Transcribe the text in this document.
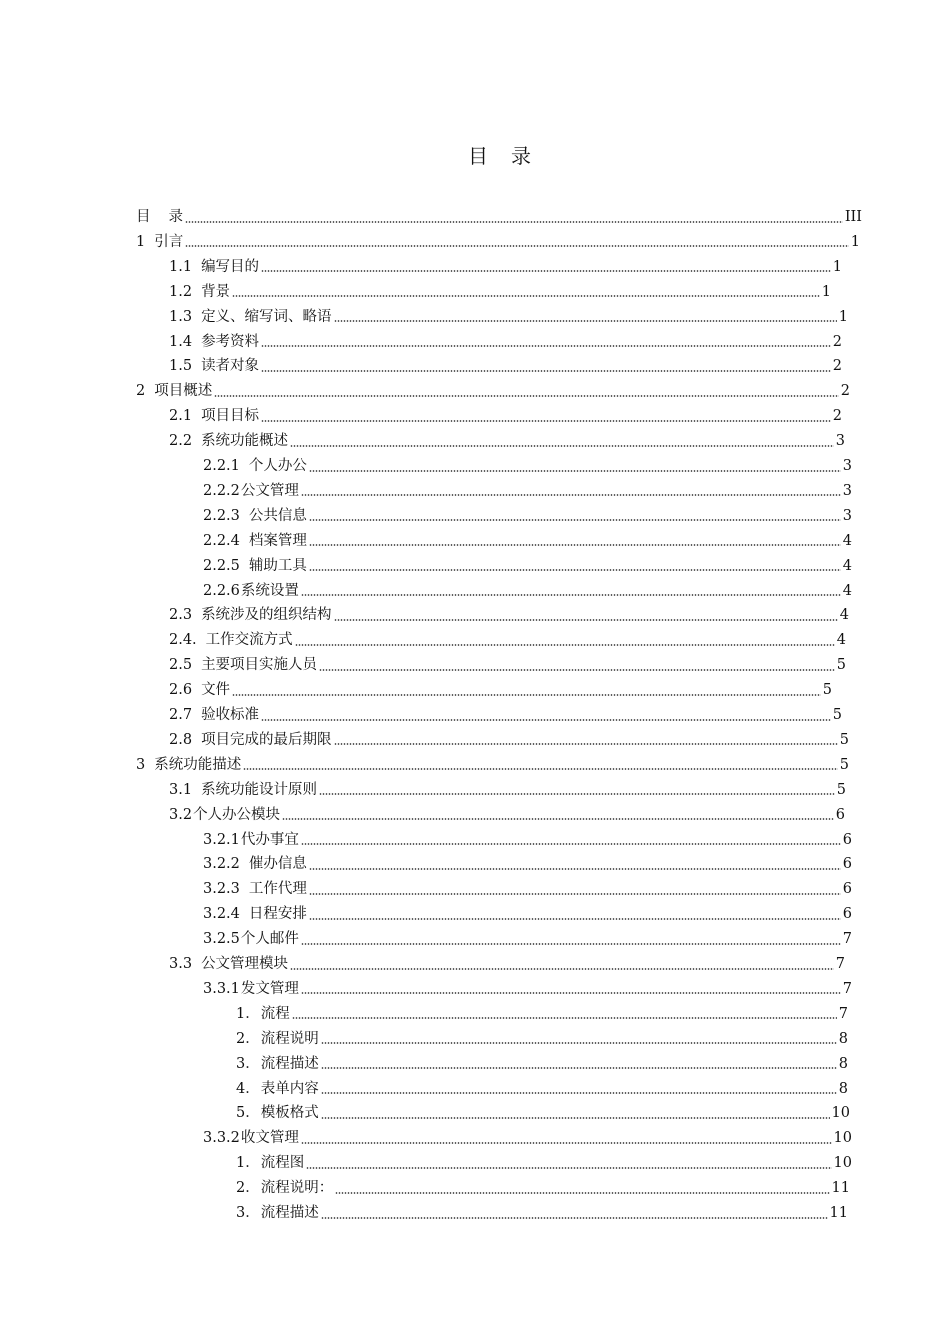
目 录
目 录	III
1 引言	1
1.1 编写目的	1
1.2 背景	1
1.3 定义、缩写词、略语	1
1.4 参考资料	2
1.5 读者对象	2
2 项目概述	2
2.1 项目目标	2
2.2 系统功能概述	3
2.2.1 个人办公	3
2.2.2 公文管理	3
2.2.3 公共信息	3
2.2.4 档案管理	4
2.2.5 辅助工具	4
2.2.6 系统设置	4
2.3 系统涉及的组织结构	4
2.4. 工作交流方式	4
2.5 主要项目实施人员	5
2.6 文件	5
2.7 验收标准	5
2.8 项目完成的最后期限	5
3 系统功能描述	5
3.1 系统功能设计原则	5
3.2 个人办公模块	6
3.2.1 代办事宜	6
3.2.2 催办信息	6
3.2.3 工作代理	6
3.2.4 日程安排	6
3.2.5 个人邮件	7
3.3 公文管理模块	7
3.3.1 发文管理	7
1． 流程	7
2． 流程说明	8
3． 流程描述	8
4． 表单内容	8
5． 模板格式	10
3.3.2 收文管理	10
1． 流程图	10
2． 流程说明：	11
3． 流程描述	11
